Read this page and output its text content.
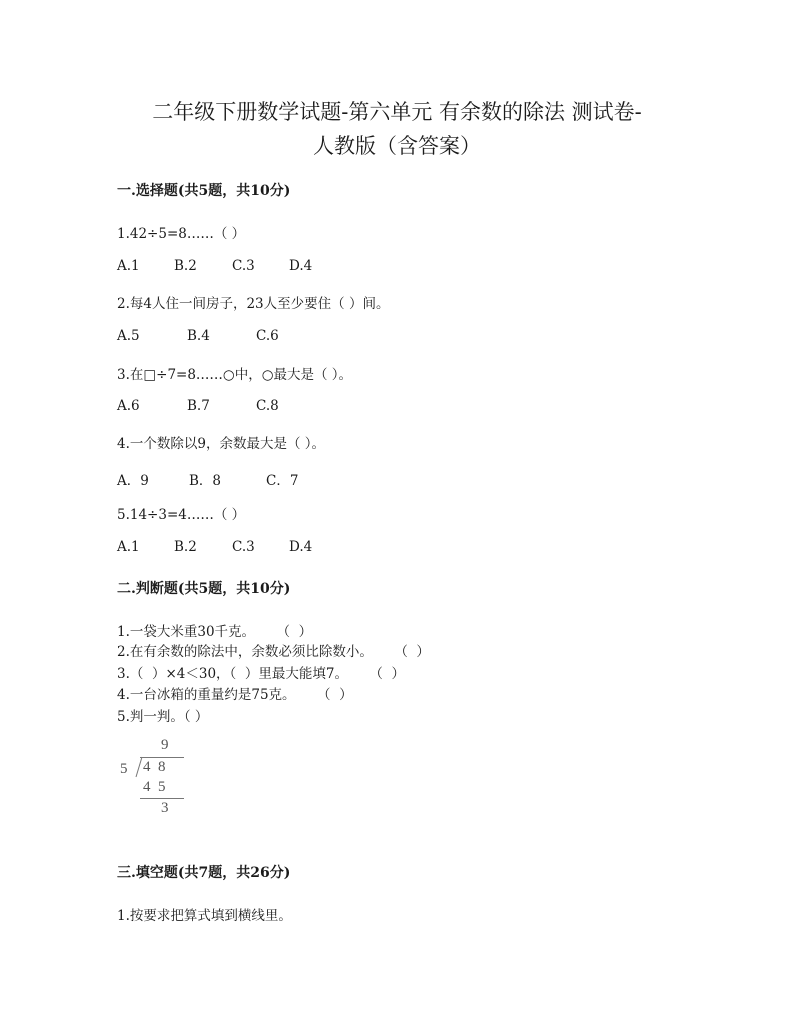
二年级下册数学试题-第六单元 有余数的除法 测试卷-
人教版（含答案）
一.选择题(共5题，共10分)
1.42÷5=8……（ ）
A.1	B.2	C.3	D.4
2.每4人住一间房子，23人至少要住（ ）间。
A.5	B.4	C.6
3.在□÷7=8……○中，○最大是（ ）。
A.6	B.7	C.8
4.一个数除以9，余数最大是（ ）。
A．9	B．8	C．7
5.14÷3=4……（ ）
A.1	B.2	C.3	D.4
二.判断题(共5题，共10分)
1.一袋大米重30千克。     （  ）
2.在有余数的除法中，余数必须比除数小。     （  ）
3.（  ）×4＜30，（  ）里最大能填7。     （  ）
4.一台冰箱的重量约是75克。     （  ）
5.判一判。（ ）
9
5 4  8
4  5
3
三.填空题(共7题，共26分)
1.按要求把算式填到横线里。
